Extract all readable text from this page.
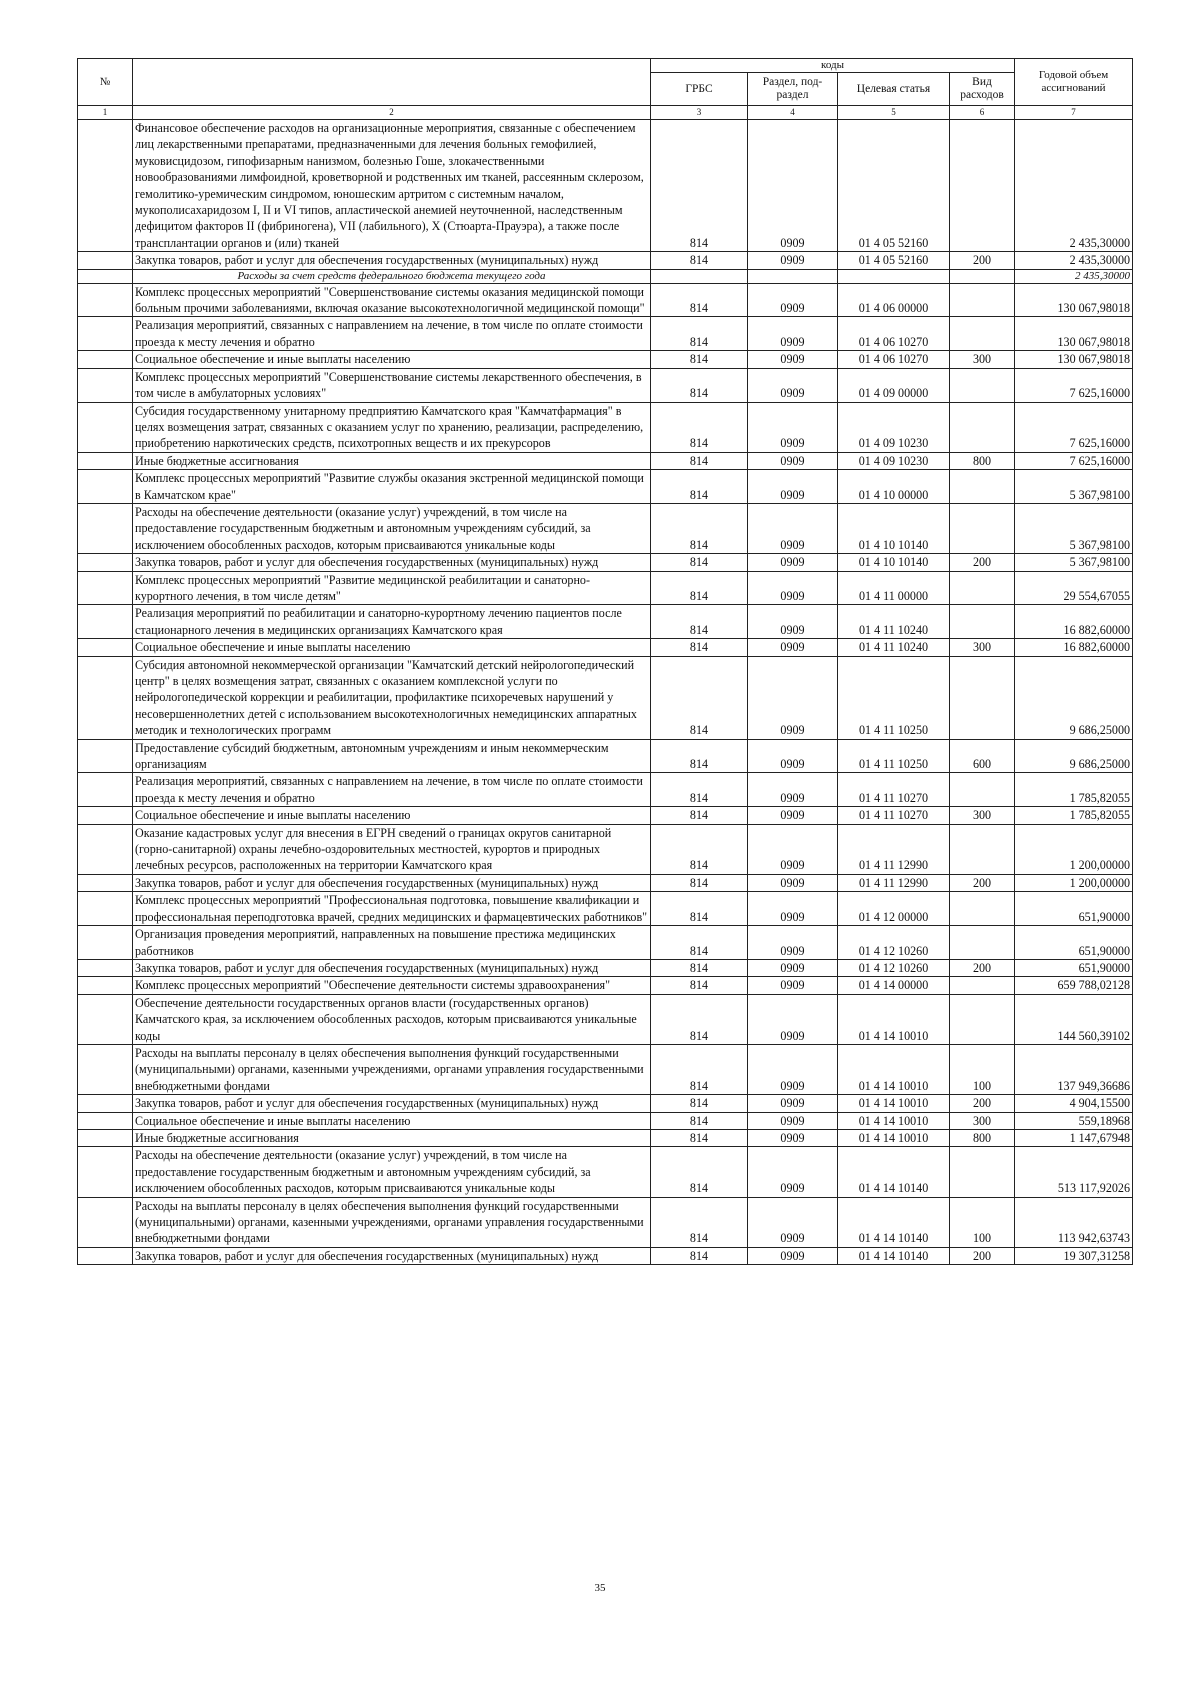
№		коды				Годовой объем ассигнований
		ГРБС	Раздел, под-раздел	Целевая статья	Вид расходов	
1	2	3	4	5	6	7
	Финансовое обеспечение расходов на организационные мероприятия, связанные с обеспечением лиц лекарственными препаратами, предназначенными для лечения больных гемофилией, муковисцидозом, гипофизарным нанизмом, болезнью Гоше, злокачественными новообразованиями лимфоидной, кроветворной и родственных им тканей, рассеянным склерозом, гемолитико-уремическим синдромом, юношеским артритом с системным началом, мукополисахаридозом I, II и VI типов, апластической анемией неуточненной, наследственным дефицитом факторов II (фибриногена), VII (лабильного), X (Стюарта-Прауэра), а также после трансплантации органов и (или) тканей	814	0909	01 4 05 52160		2 435,30000
	Закупка товаров, работ и услуг для обеспечения государственных (муниципальных) нужд	814	0909	01 4 05 52160	200	2 435,30000
	Расходы за счет средств федерального бюджета текущего года					2 435,30000
	Комплекс процессных мероприятий "Совершенствование системы оказания медицинской помощи больным прочими заболеваниями, включая оказание высокотехнологичной медицинской помощи"	814	0909	01 4 06 00000		130 067,98018
	Реализация мероприятий, связанных с направлением на лечение, в том числе по оплате стоимости проезда к месту лечения и обратно	814	0909	01 4 06 10270		130 067,98018
	Социальное обеспечение и иные выплаты населению	814	0909	01 4 06 10270	300	130 067,98018
	Комплекс процессных мероприятий "Совершенствование системы лекарственного обеспечения, в том числе в амбулаторных условиях"	814	0909	01 4 09 00000		7 625,16000
	Субсидия государственному унитарному предприятию Камчатского края "Камчатфармация" в целях возмещения затрат, связанных с оказанием услуг по хранению, реализации, распределению, приобретению наркотических средств, психотропных веществ и их прекурсоров	814	0909	01 4 09 10230		7 625,16000
	Иные бюджетные ассигнования	814	0909	01 4 09 10230	800	7 625,16000
	Комплекс процессных мероприятий "Развитие службы оказания экстренной медицинской помощи в Камчатском крае"	814	0909	01 4 10 00000		5 367,98100
	Расходы на обеспечение деятельности (оказание услуг) учреждений, в том числе на предоставление государственным бюджетным и автономным учреждениям субсидий, за исключением обособленных расходов, которым присваиваются уникальные коды	814	0909	01 4 10 10140		5 367,98100
	Закупка товаров, работ и услуг для обеспечения государственных (муниципальных) нужд	814	0909	01 4 10 10140	200	5 367,98100
	Комплекс процессных мероприятий "Развитие медицинской реабилитации и санаторно-курортного лечения, в том числе детям"	814	0909	01 4 11 00000		29 554,67055
	Реализация мероприятий по реабилитации и санаторно-курортному лечению пациентов после стационарного лечения в медицинских организациях Камчатского края	814	0909	01 4 11 10240		16 882,60000
	Социальное обеспечение и иные выплаты населению	814	0909	01 4 11 10240	300	16 882,60000
	Субсидия автономной некоммерческой организации "Камчатский детский нейрологопедический центр" в целях возмещения затрат, связанных с оказанием комплексной услуги по нейрологопедической коррекции и реабилитации, профилактике психоречевых нарушений у несовершеннолетних детей с использованием высокотехнологичных немедицинских аппаратных методик и технологических программ	814	0909	01 4 11 10250		9 686,25000
	Предоставление субсидий бюджетным, автономным учреждениям и иным некоммерческим организациям	814	0909	01 4 11 10250	600	9 686,25000
	Реализация мероприятий, связанных с направлением на лечение, в том числе по оплате стоимости проезда к месту лечения и обратно	814	0909	01 4 11 10270		1 785,82055
	Социальное обеспечение и иные выплаты населению	814	0909	01 4 11 10270	300	1 785,82055
	Оказание кадастровых услуг для внесения в ЕГРН сведений о границах округов санитарной (горно-санитарной) охраны лечебно-оздоровительных местностей, курортов и природных лечебных ресурсов, расположенных на территории Камчатского края	814	0909	01 4 11 12990		1 200,00000
	Закупка товаров, работ и услуг для обеспечения государственных (муниципальных) нужд	814	0909	01 4 11 12990	200	1 200,00000
	Комплекс процессных мероприятий "Профессиональная подготовка, повышение квалификации и профессиональная переподготовка врачей, средних медицинских и фармацевтических работников"	814	0909	01 4 12 00000		651,90000
	Организация проведения мероприятий, направленных на повышение престижа медицинских работников	814	0909	01 4 12 10260		651,90000
	Закупка товаров, работ и услуг для обеспечения государственных (муниципальных) нужд	814	0909	01 4 12 10260	200	651,90000
	Комплекс процессных мероприятий "Обеспечение деятельности системы здравоохранения"	814	0909	01 4 14 00000		659 788,02128
	Обеспечение деятельности государственных органов власти (государственных органов) Камчатского края, за исключением обособленных расходов, которым присваиваются уникальные коды	814	0909	01 4 14 10010		144 560,39102
	Расходы на выплаты персоналу в целях обеспечения выполнения функций государственными (муниципальными) органами, казенными учреждениями, органами управления государственными внебюджетными фондами	814	0909	01 4 14 10010	100	137 949,36686
	Закупка товаров, работ и услуг для обеспечения государственных (муниципальных) нужд	814	0909	01 4 14 10010	200	4 904,15500
	Социальное обеспечение и иные выплаты населению	814	0909	01 4 14 10010	300	559,18968
	Иные бюджетные ассигнования	814	0909	01 4 14 10010	800	1 147,67948
	Расходы на обеспечение деятельности (оказание услуг) учреждений, в том числе на предоставление государственным бюджетным и автономным учреждениям субсидий, за исключением обособленных расходов, которым присваиваются уникальные коды	814	0909	01 4 14 10140		513 117,92026
	Расходы на выплаты персоналу в целях обеспечения выполнения функций государственными (муниципальными) органами, казенными учреждениями, органами управления государственными внебюджетными фондами	814	0909	01 4 14 10140	100	113 942,63743
	Закупка товаров, работ и услуг для обеспечения государственных (муниципальных) нужд	814	0909	01 4 14 10140	200	19 307,31258
35
